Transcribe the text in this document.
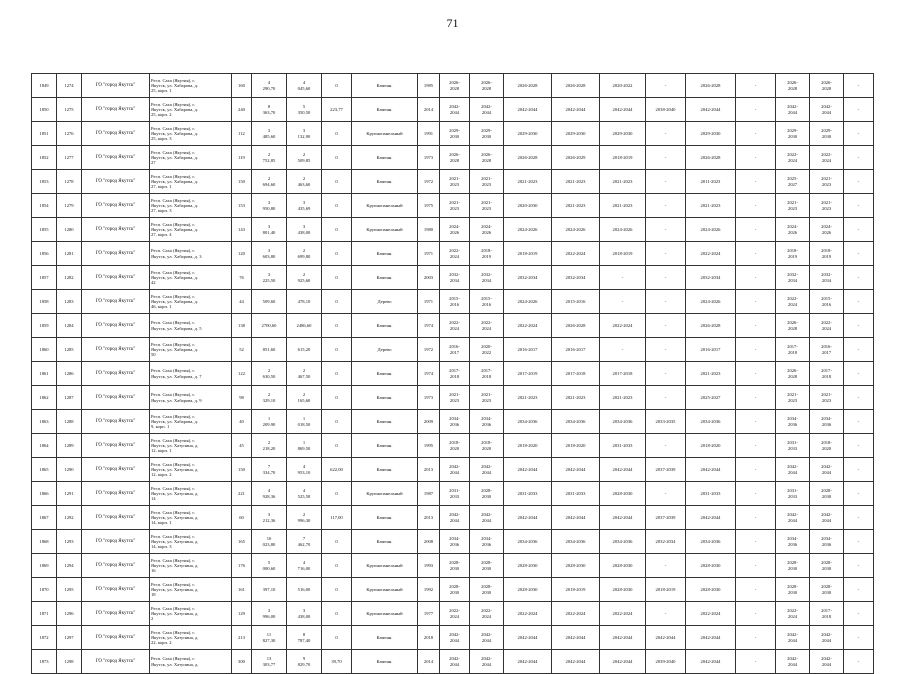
71
1849	1274	ГО "город Якутск"	Респ. Саха (Якутия), г.
Якутск, ул. Хабарова, д.
25, корп. 1	160	4
290,70	4
045,60	0	Каменн.	1985	2026-
2028	2026-
2028	2026-2028	2026-2028	2020-2022	-	2026-2028	-	2026-
2028	2026-
2028	-
1850	1275	ГО "город Якутск"	Респ. Саха (Якутия), г.
Якутск, ул. Хабарова, д.
25, корп. 2	240	8
363,70	5
350,50	223,77	Каменн.	2014	2042-
2044	2042-
2044	2042-2044	2042-2044	2042-2044	2038-2040	2042-2044	-	2042-
2044	2042-
2044	-
1851	1276	ГО "город Якутск"	Респ. Саха (Якутия), г.
Якутск, ул. Хабарова, д.
25, корп. 3	112	3
485,60	3
132,90	0	Крупнопанельный	1991	2029-
2030	2029-
2030	2029-2030	2029-2030	2029-2030	-	2029-2030	-	2029-
2030	2029-
2030	-
1852	1277	ГО "город Якутск"	Респ. Саха (Якутия), г.
Якутск, ул. Хабарова, д.
27	119	2
752,85	2
509,85	0	Каменн.	1973	2026-
2028	2026-
2028	2026-2028	2026-2029	2018-2019	-	2026-2028	-	2022-
2024	2022-
2024	-
1853	1278	ГО "город Якутск"	Респ. Саха (Якутия), г.
Якутск, ул. Хабарова, д.
27, корп. 1	150	2
694,60	2
463,60	0	Каменн.	1972	2021-
2023	2021-
2023	2021-2023	2021-2023	2021-2023	-	2011-2023	-	2025-
2027	2021-
2023	-
1854	1279	ГО "город Якутск"	Респ. Саха (Якутия), г.
Якутск, ул. Хабарова, д.
27, корп. 3	153	3
950,80	3
435,69	0	Крупнопанельный	1975	2021-
2023	2021-
2023	2020-2030	2021-2023	2021-2023	-	2021-2023	-	2021-
2023	2021-
2023	-
1855	1280	ГО "город Якутск"	Респ. Саха (Якутия), г.
Якутск, ул. Хабарова, д.
27, корп. 4	143	3
801,40	3
438,00	0	Крупнопанельный	1980	2024-
2026	2024-
2026	2024-2026	2024-2026	2024-2026	-	2024-2026	-	2024-
2026	2024-
2026	-
1856	1281	ГО "город Якутск"	Респ. Саха (Якутия), г.
Якутск, ул. Хабарова, д. 3	120	3
603,80	2
699,80	0	Каменн.	1971	2022-
2024	2018-
2019	2018-2019	2022-2024	2018-2019	-	2022-2024	-	2018-
2019	2018-
2019	-
1857	1282	ГО "город Якутск"	Респ. Саха (Якутия), г.
Якутск, ул. Хабарова, д.
42	76	3
225,50	2
925,60	0	Каменн.	2003	2032-
2034	2032-
2034	2032-2034	2032-2034	-	-	2032-2034	-	2032-
2034	2032-
2034	-
1858	1283	ГО "город Якутск"	Респ. Саха (Якутия), г.
Якутск, ул. Хабарова, д.
46, корп. 1	44	509,60	478,10	0	Дерево	1971	2015-
2016	2015-
2016	2024-2026	2015-2016	-	-	2024-2026	-	2022-
2024	2015-
2016	-
1859	1284	ГО "город Якутск"	Респ. Саха (Якутия), г.
Якутск, ул. Хабарова, д. 5	138	2700,60	2486,60	0	Каменн.	1974	2022-
2024	2022-
2024	2022-2024	2026-2028	2022-2024	-	2026-2028	-	2026-
2028	2022-
2024	-
1860	1285	ГО "город Якутск"	Респ. Саха (Якутия), г.
Якутск, ул. Хабарова, д.
50	52	851,60	615,20	0	Дерево	1972	2016-
2017	2020-
2022	2016-2017	2016-2017	-	-	2016-2017	-	2017-
2018	2016-
2017	-
1861	1286	ГО "город Якутск"	Респ. Саха (Якутия), г.
Якутск, ул. Хабарова, д. 7	122	2
630,50	2
467,50	0	Каменн.	1974	2017-
2018	2017-
2018	2017-2019	2017-2018	2017-2018	-	2021-2023	-	2026-
2028	2017-
2018	-
1862	1287	ГО "город Якутск"	Респ. Саха (Якутия), г.
Якутск, ул. Хабарова, д. 9	98	2
329,10	2
165,60	0	Каменн.	1973	2021-
2023	2021-
2023	2021-2023	2021-2023	2021-2023	-	2025-2027	-	2021-
2023	2021-
2023	-
1863	1288	ГО "город Якутск"	Респ. Саха (Якутия), г.
Якутск, ул. Хабарова, д.
9, корп. 1	40	1
209,90	1
018,50	0	Каменн.	2009	2034-
2036	2034-
2036	2034-2036	2034-2036	2034-2036	2033-2035	2034-2036	-	2034-
2036	2034-
2036	-
1864	1289	ГО "город Якутск"	Респ. Саха (Якутия), г.
Якутск, ул. Хатупина, д.
12, корп. 1	45	2
218,20	1
869,50	0	Каменн.	1995	2018-
2020	2018-
2020	2018-2020	2018-2020	2031-2033	-	2018-2020	-	2031-
2033	2018-
2020	-
1865	1290	ГО "город Якутск"	Респ. Саха (Якутия), г.
Якутск, ул. Хатупина, д.
12, корп. 2	150	7
334,70	4
953,10	622,00	Каменн.	2013	2042-
2044	2042-
2044	2042-2044	2042-2044	2042-2044	2037-2039	2042-2044	-	2042-
2044	2042-
2044	-
1866	1291	ГО "город Якутск"	Респ. Саха (Якутия), г.
Якутск, ул. Хатупина, д.
14	221	4
928,36	4
525,58	0	Крупнопанельный	1987	2031-
2033	2028-
2030	2031-2033	2031-2033	2028-2030	-	2031-2033	-	2031-
2033	2028-
2030	-
1867	1292	ГО "город Якутск"	Респ. Саха (Якутия), г.
Якутск, ул. Хатупина, д.
14, корп. 1	60	3
212,36	2
996,30	117,00	Каменн.	2013	2042-
2044	2042-
2044	2042-2044	2042-2044	2042-2044	2037-2039	2042-2044	-	2042-
2044	2042-
2044	-
1868	1293	ГО "город Якутск"	Респ. Саха (Якутия), г.
Якутск, ул. Хатупина, д.
14, корп. 3	165	10
023,80	7
462,70	0	Каменн.	2008	2034-
2036	2034-
2036	2034-2036	2034-2036	2034-2036	2032-2034	2034-2036	-	2034-
2036	2034-
2036	-
1869	1294	ГО "город Якутск"	Респ. Саха (Якутия), г.
Якутск, ул. Хатупина, д.
16	176	5
000,60	4
716,00	0	Крупнопанельный	1993	2028-
2030	2028-
2030	2028-2030	2028-2030	2028-2030	-	2028-2030	-	2028-
2030	2028-
2030	-
1870	1295	ГО "город Якутск"	Респ. Саха (Якутия), г.
Якутск, ул. Хатупина, д.
18	161	397,10	516,00	0	Крупнопанельный	1992	2028-
2030	2028-
2030	2028-2030	2018-2019	2028-2030	2018-2019	2028-2030	-	2028-
2030	2028-
2030	-
1871	1296	ГО "город Якутск"	Респ. Саха (Якутия), г.
Якутск, ул. Хатупина, д.
2	129	3
996,00	3
438,00	0	Крупнопанельный	1977	2022-
2024	2022-
2024	2022-2024	2022-2024	2022-2024	-	2022-2024	-	2022-
2024	2017-
2018	-
1872	1297	ГО "город Якутск"	Респ. Саха (Якутия), г.
Якутск, ул. Хатупина, д.
22, корп. 2	213	11
827,30	8
787,40	0	Каменн.	2018	2042-
2044	2042-
2044	2042-2044	2042-2044	2042-2044	2042-2044	2042-2044	-	2042-
2044	2042-
2044	-
1873	1298	ГО "город Якутск"	Респ. Саха (Якутия), г.
Якутск, ул. Хатупина, д.	300	13
303,77	9
829,70	39,70	Каменн.	2014	2042-
2044	2042-
2044	2042-2044	2042-2044	2042-2044	2039-2040	2042-2044	-	2042-
2044	2042-
2044	-
